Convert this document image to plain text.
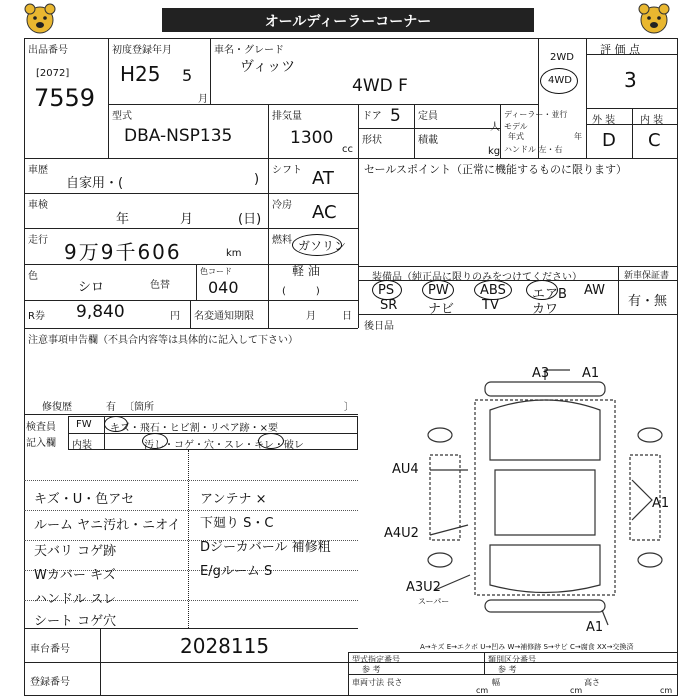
オールディーラーコーナー
出品番号
[2072]
7559
初度登録年月
H25 5
月
車名・グレード
ヴィッツ
4WD F
2WD
4WD
評 価 点
3
外 装 内 装
D C
型式
DBA-NSP135
排気量
1300
cc
ドア 5
形状
定員
人
積載
kg
ディーラー・並行
モデル
年式	年
ハンドル 左・右
車歴
自家用・(	)
シフト AT	セールスポイント（正常に機能するものに限ります）
車検
年	月	(日)
冷房 AC
走行 9万9千606	km
燃料 ガソリン
軽 油
(　　　)
色
シロ	色替
色コード
040
R券 9,840	円 名変通知期限	月	日
装備品（純正品に限りのみをつけてください）
PS	PW ABS エアB AW
SR ナビ TV	カワ
新車保証書
有・無
後日品
注意事項申告欄（不具合内容等は具体的に記入して下さい）
修復歴	有 〔箇所	〕
検査員
記入欄
FW
内装
キズ・飛石・ヒビ割・リペア跡・×要
汚し・コゲ・穴・スレ・キレ・破レ
キズ・U・色アセ
ルーム ヤニ汚れ・ニオイ
天バリ コゲ跡
Wカバー キズ
ハンドル スレ
シート コゲ穴
アンテナ ×
下廻り S・C
Dジーカバール 補修粗
E/gルーム S
A3	A1
AU4
A4U2
A3U2
スーパー
A1
A1
A→キズ E→エクボ U→凹み W→補修跡 S→サビ C→腐食 XX→交換済
車台番号	2028115
登録番号
型式指定番号
参 考
類別区分番号
参 考
車両寸法 長さ
cm
幅
cm
高さ
cm
